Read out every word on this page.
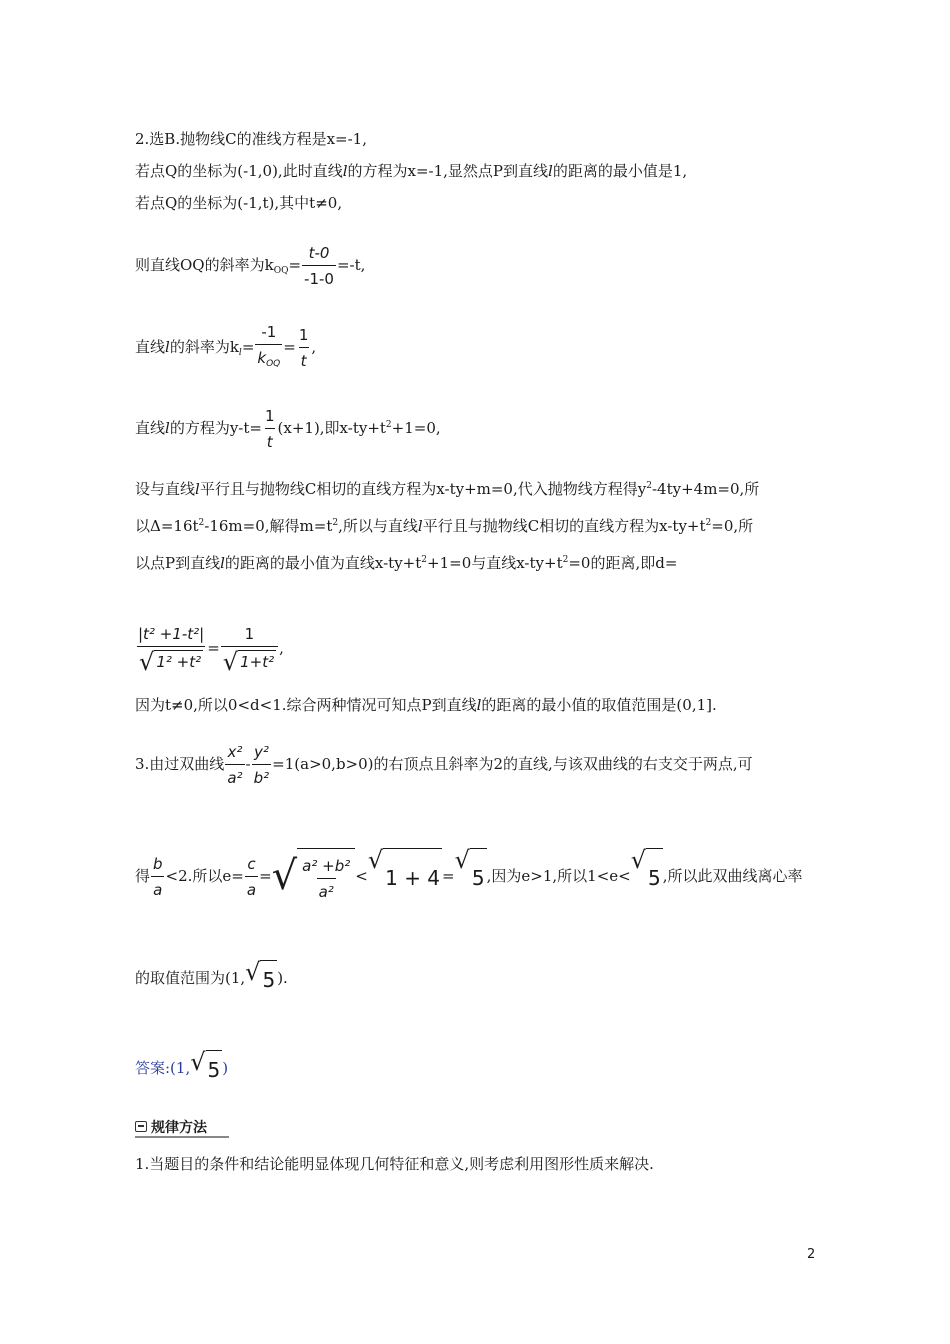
2.选B.抛物线C的准线方程是x=-1,
若点Q的坐标为(-1,0),此时直线l的方程为x=-1,显然点P到直线l的距离的最小值是1,
若点Q的坐标为(-1,t),其中t≠0,
则直线OQ的斜率为$k_{OQ}= \frac{t-0}{-1-0} =-t$,
直线l的斜率为$k_l= \frac{-1}{k_{OQ}} = \frac{1}{t}$ ,
直线l的方程为$y-t= \frac{1}{t} (x+1)$,即$x-ty+t^2+1=0$,
设与直线l平行且与抛物线C相切的直线方程为x-ty+m=0,代入抛物线方程得$y^2-4ty+4m=0$,所
以$\Delta=16t^2-16m=0$,解得$m=t^2$,所以与直线l平行且与抛物线C相切的直线方程为$x-ty+t^2=0$,所
以点P到直线l的距离的最小值为直线$x-ty+t^2+1=0$与直线$x-ty+t^2=0$的距离,即d=
$\frac{\text{|t² +1-t²|}}{\text{√ 1² +t²}} = \frac{1}{\text{√ 1+t²}}$ ,
因为t≠0,所以0<d<1.综合两种情况可知点P到直线l的距离的最小值的取值范围是(0,1].
3.由过双曲线 $\frac{\text{x²}}{\text{a²}} - \frac{\text{y²}}{\text{b²}} =1(a>0,b>0)$的右顶点且斜率为2的直线,与该双曲线的右支交于两点,可
得 $\frac{b}{a} <2$.所以$e= \frac{c}{a}$ = √ $\frac{\text{a² +b²}}{\text{a²}}$ <
√
1 + 4 =
√
5 ,因为e>1,所以1<e<
√
5 ,所以此双曲线离心率
的取值范围为(1, √ 5 ).
答案:(1, √ 5 )
规律方法
1.当题目的条件和结论能明显体现几何特征和意义,则考虑利用图形性质来解决.
2
